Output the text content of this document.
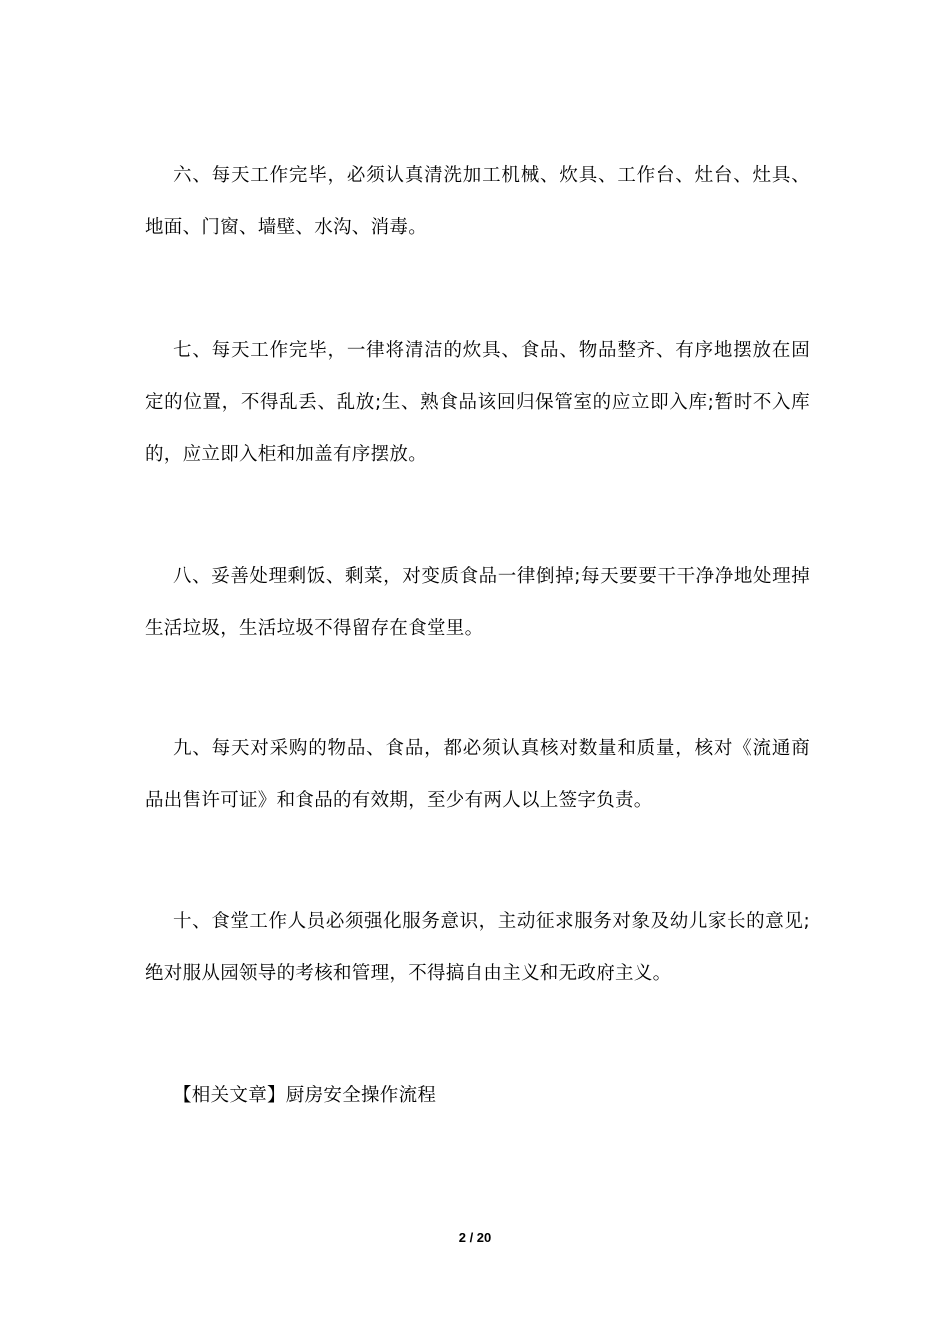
六、每天工作完毕，必须认真清洗加工机械、炊具、工作台、灶台、灶具、地面、门窗、墙壁、水沟、消毒。

七、每天工作完毕，一律将清洁的炊具、食品、物品整齐、有序地摆放在固定的位置，不得乱丢、乱放;生、熟食品该回归保管室的应立即入库;暂时不入库的，应立即入柜和加盖有序摆放。

八、妥善处理剩饭、剩菜，对变质食品一律倒掉;每天要要干干净净地处理掉生活垃圾，生活垃圾不得留存在食堂里。

九、每天对采购的物品、食品，都必须认真核对数量和质量，核对《流通商品出售许可证》和食品的有效期，至少有两人以上签字负责。

十、食堂工作人员必须强化服务意识，主动征求服务对象及幼儿家长的意见;绝对服从园领导的考核和管理，不得搞自由主义和无政府主义。

【相关文章】厨房安全操作流程

2 / 20
